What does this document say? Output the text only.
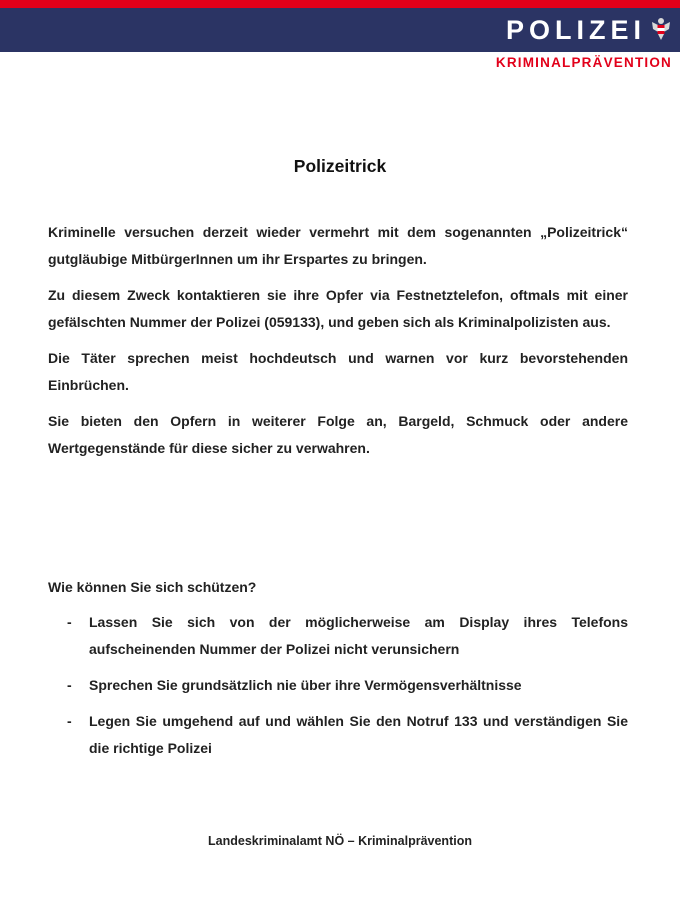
POLIZEI
KRIMINALPRÄVENTION
Polizeitrick

Kriminelle versuchen derzeit wieder vermehrt mit dem sogenannten „Polizeitrick“ gutgläubige MitbürgerInnen um ihr Erspartes zu bringen.

Zu diesem Zweck kontaktieren sie ihre Opfer via Festnetztelefon, oftmals mit einer gefälschten Nummer der Polizei (059133), und geben sich als Kriminalpolizisten aus.

Die Täter sprechen meist hochdeutsch und warnen vor kurz bevorstehenden Einbrüchen.

Sie bieten den Opfern in weiterer Folge an, Bargeld, Schmuck oder andere Wertgegenstände für diese sicher zu verwahren.

Wie können Sie sich schützen?
- Lassen Sie sich von der möglicherweise am Display ihres Telefons aufscheinenden Nummer der Polizei nicht verunsichern
- Sprechen Sie grundsätzlich nie über ihre Vermögensverhältnisse
- Legen Sie umgehend auf und wählen Sie den Notruf 133 und verständigen Sie die richtige Polizei
Landeskriminalamt NÖ – Kriminalprävention
